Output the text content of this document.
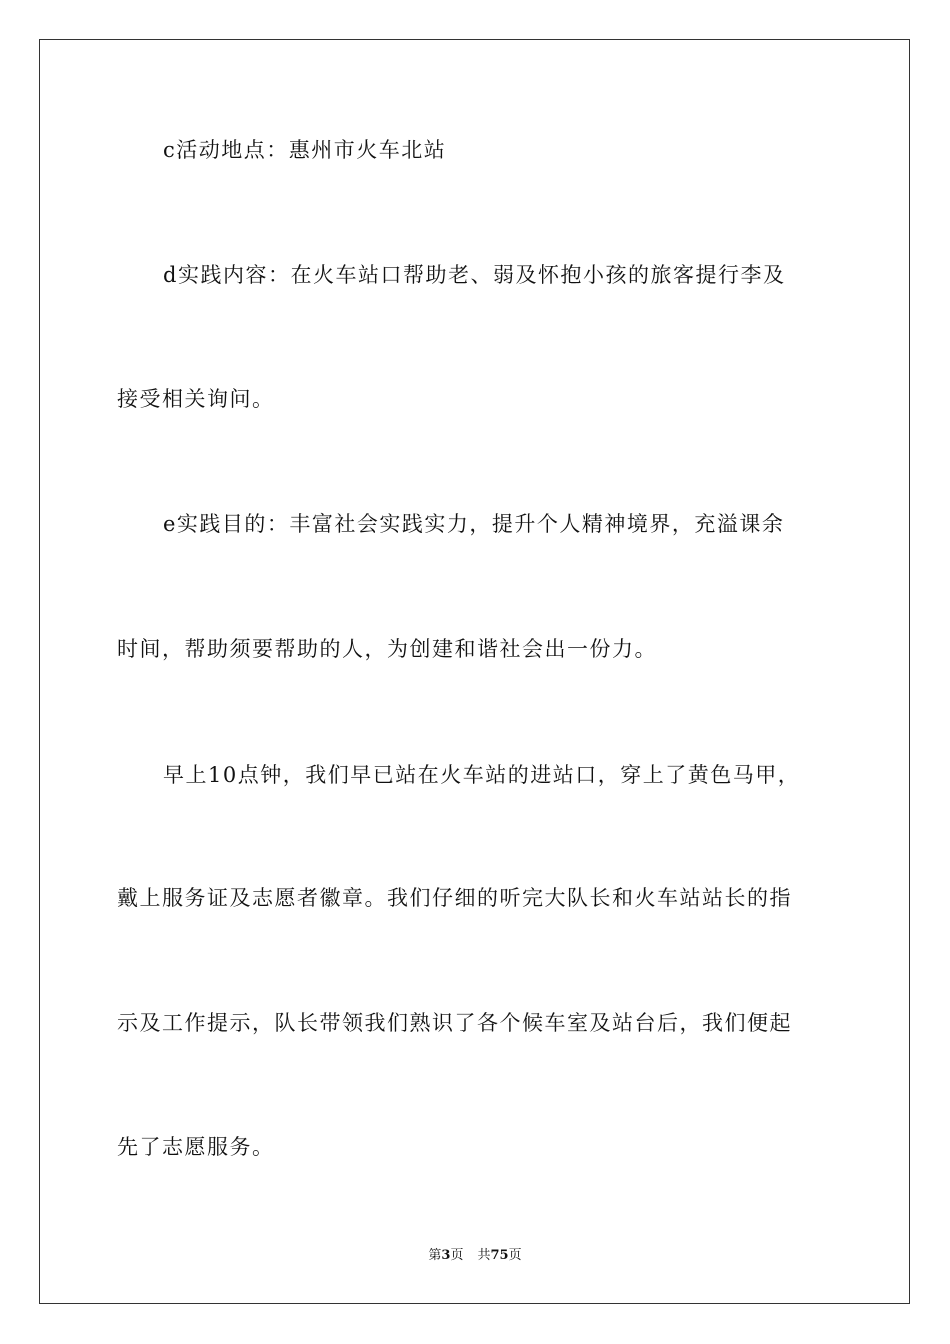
c活动地点：惠州市火车北站
d实践内容：在火车站口帮助老、弱及怀抱小孩的旅客提行李及
接受相关询问。
e实践目的：丰富社会实践实力，提升个人精神境界，充溢课余
时间，帮助须要帮助的人，为创建和谐社会出一份力。
早上10点钟，我们早已站在火车站的进站口，穿上了黄色马甲，
戴上服务证及志愿者徽章。我们仔细的听完大队长和火车站站长的指
示及工作提示，队长带领我们熟识了各个候车室及站台后，我们便起
先了志愿服务。
第3页 共75页
